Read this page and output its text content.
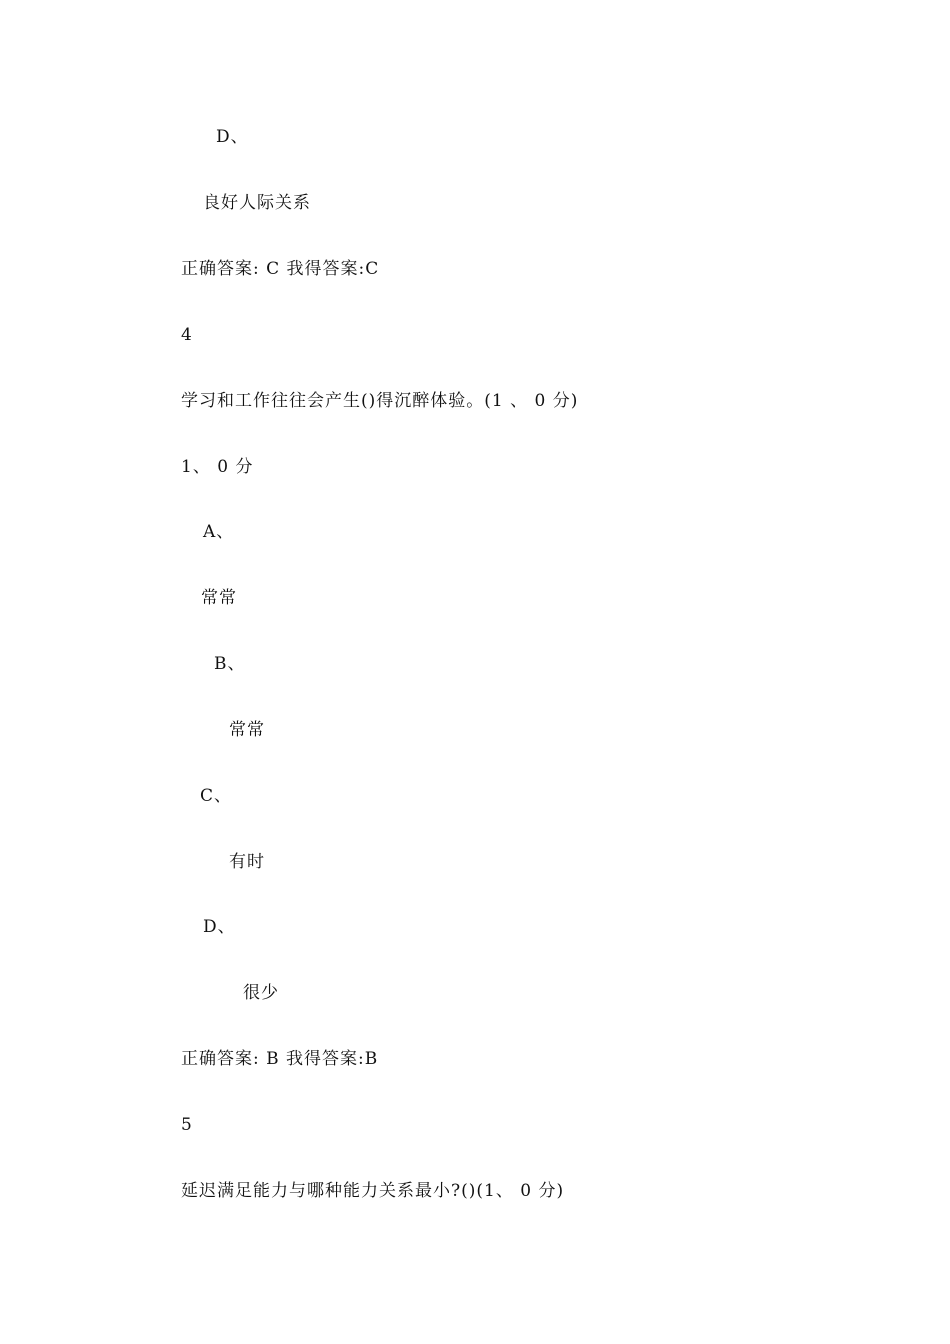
D、
良好人际关系
正确答案: C 我得答案:C
4
学习和工作往往会产生()得沉醉体验。(1 、 0 分)
1、 0 分
A、
常常
B、
常常
C、
有时
D、
很少
正确答案: B 我得答案:B
5
延迟满足能力与哪种能力关系最小?()(1、 0 分)
